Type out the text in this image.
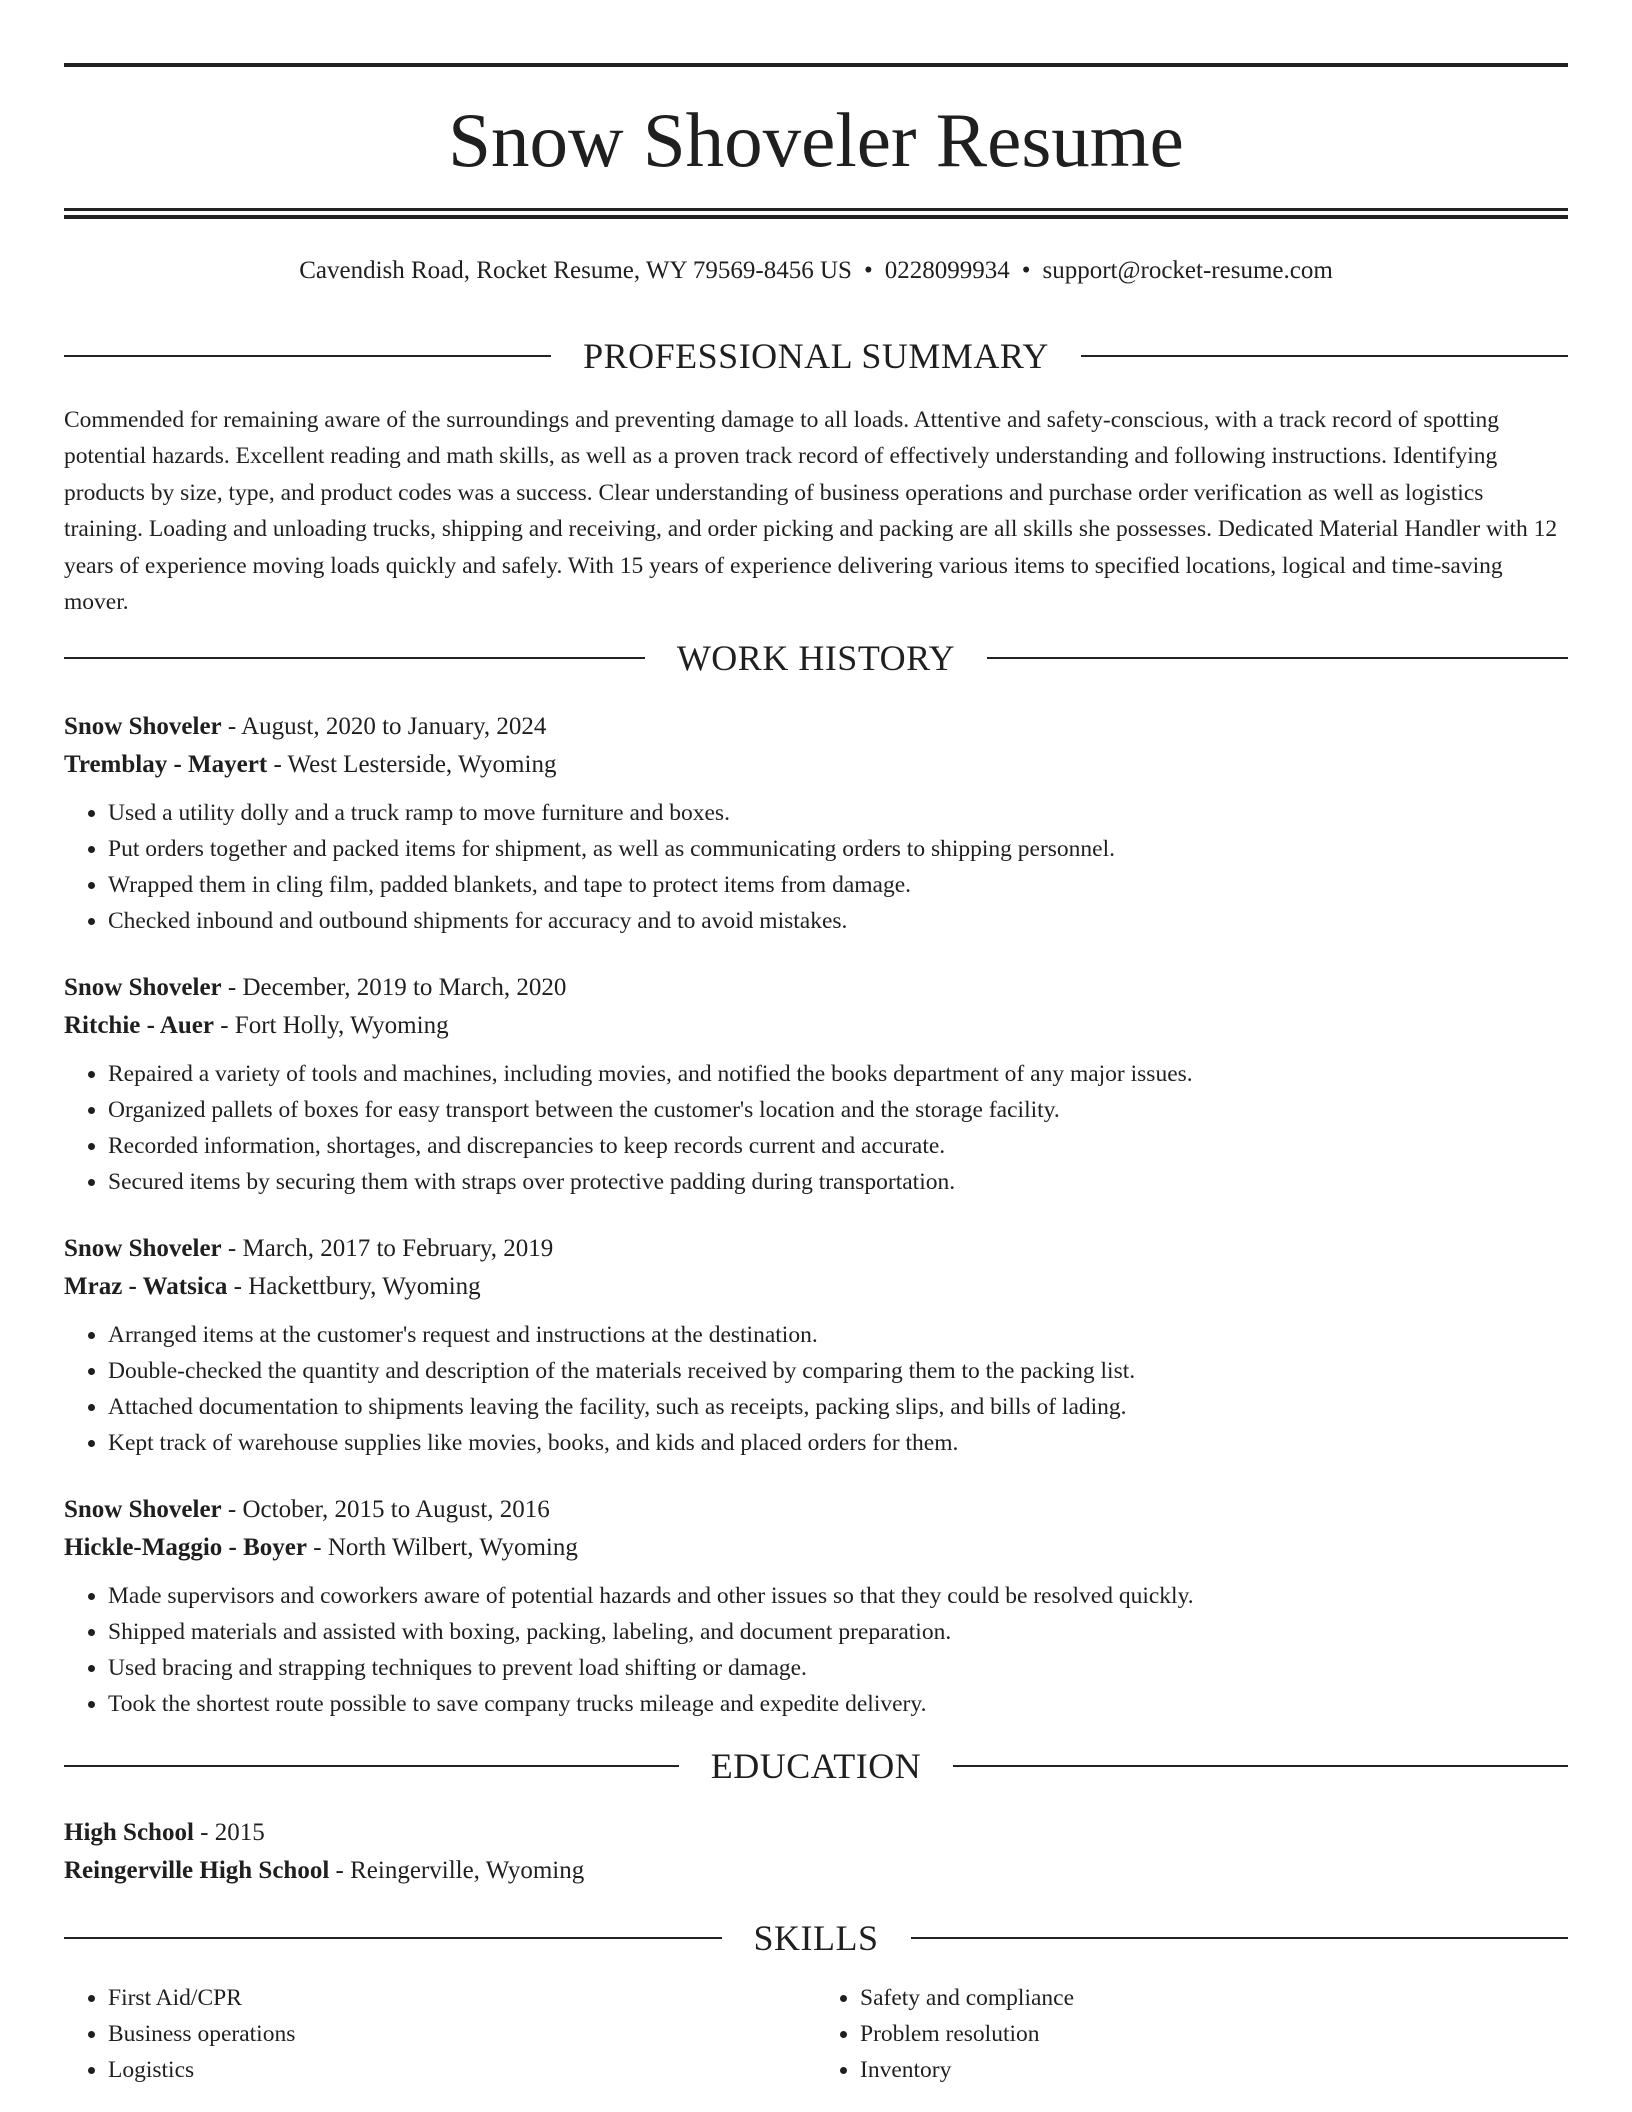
Snow Shoveler Resume
Cavendish Road, Rocket Resume, WY 79569-8456 US • 0228099934 • support@rocket-resume.com
PROFESSIONAL SUMMARY

Commended for remaining aware of the surroundings and preventing damage to all loads. Attentive and safety-conscious, with a track record of spotting potential hazards. Excellent reading and math skills, as well as a proven track record of effectively understanding and following instructions. Identifying products by size, type, and product codes was a success. Clear understanding of business operations and purchase order verification as well as logistics training. Loading and unloading trucks, shipping and receiving, and order picking and packing are all skills she possesses. Dedicated Material Handler with 12 years of experience moving loads quickly and safely. With 15 years of experience delivering various items to specified locations, logical and time-saving mover.

WORK HISTORY
Snow Shoveler - August, 2020 to January, 2024
Tremblay - Mayert - West Lesterside, Wyoming
• Used a utility dolly and a truck ramp to move furniture and boxes.
• Put orders together and packed items for shipment, as well as communicating orders to shipping personnel.
• Wrapped them in cling film, padded blankets, and tape to protect items from damage.
• Checked inbound and outbound shipments for accuracy and to avoid mistakes.
Snow Shoveler - December, 2019 to March, 2020
Ritchie - Auer - Fort Holly, Wyoming
• Repaired a variety of tools and machines, including movies, and notified the books department of any major issues.
• Organized pallets of boxes for easy transport between the customer's location and the storage facility.
• Recorded information, shortages, and discrepancies to keep records current and accurate.
• Secured items by securing them with straps over protective padding during transportation.
Snow Shoveler - March, 2017 to February, 2019
Mraz - Watsica - Hackettbury, Wyoming
• Arranged items at the customer's request and instructions at the destination.
• Double-checked the quantity and description of the materials received by comparing them to the packing list.
• Attached documentation to shipments leaving the facility, such as receipts, packing slips, and bills of lading.
• Kept track of warehouse supplies like movies, books, and kids and placed orders for them.
Snow Shoveler - October, 2015 to August, 2016
Hickle-Maggio - Boyer - North Wilbert, Wyoming
• Made supervisors and coworkers aware of potential hazards and other issues so that they could be resolved quickly.
• Shipped materials and assisted with boxing, packing, labeling, and document preparation.
• Used bracing and strapping techniques to prevent load shifting or damage.
• Took the shortest route possible to save company trucks mileage and expedite delivery.
EDUCATION
High School - 2015
Reingerville High School - Reingerville, Wyoming
SKILLS
• First Aid/CPR
• Business operations
• Logistics
• Safety and compliance
• Problem resolution
• Inventory
